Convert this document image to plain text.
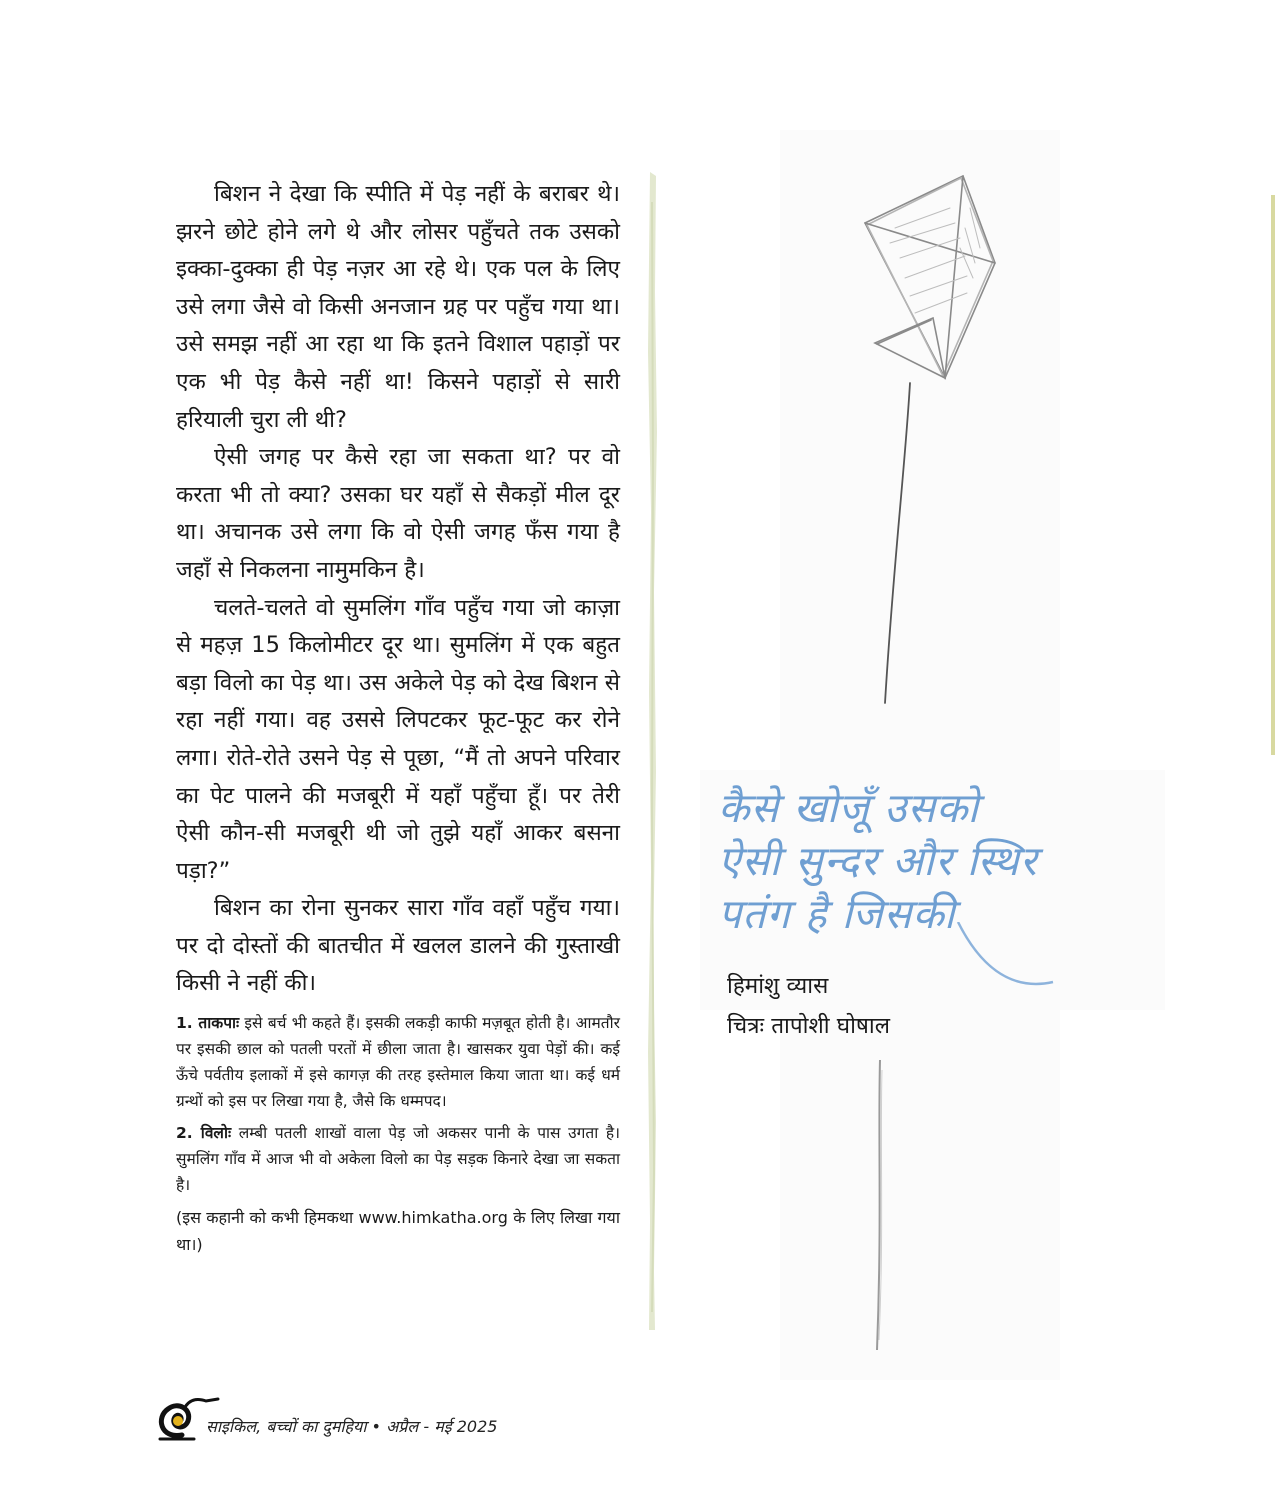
बिशन ने देखा कि स्पीति में पेड़ नहीं के बराबर थे। झरने छोटे होने लगे थे और लोसर पहुँचते तक उसको इक्का-दुक्का ही पेड़ नज़र आ रहे थे। एक पल के लिए उसे लगा जैसे वो किसी अनजान ग्रह पर पहुँच गया था। उसे समझ नहीं आ रहा था कि इतने विशाल पहाड़ों पर एक भी पेड़ कैसे नहीं था! किसने पहाड़ों से सारी हरियाली चुरा ली थी?

ऐसी जगह पर कैसे रहा जा सकता था? पर वो करता भी तो क्या? उसका घर यहाँ से सैकड़ों मील दूर था। अचानक उसे लगा कि वो ऐसी जगह फँस गया है जहाँ से निकलना नामुमकिन है।

चलते-चलते वो सुमलिंग गाँव पहुँच गया जो काज़ा से महज़ 15 किलोमीटर दूर था। सुमलिंग में एक बहुत बड़ा विलो का पेड़ था। उस अकेले पेड़ को देख बिशन से रहा नहीं गया। वह उससे लिपटकर फूट-फूट कर रोने लगा। रोते-रोते उसने पेड़ से पूछा, “मैं तो अपने परिवार का पेट पालने की मजबूरी में यहाँ पहुँचा हूँ। पर तेरी ऐसी कौन-सी मजबूरी थी जो तुझे यहाँ आकर बसना पड़ा?”

बिशन का रोना सुनकर सारा गाँव वहाँ पहुँच गया। पर दो दोस्तों की बातचीत में खलल डालने की गुस्ताखी किसी ने नहीं की।

1. ताकपाः इसे बर्च भी कहते हैं। इसकी लकड़ी काफी मज़बूत होती है। आमतौर पर इसकी छाल को पतली परतों में छीला जाता है। खासकर युवा पेड़ों की। कई ऊँचे पर्वतीय इलाकों में इसे कागज़ की तरह इस्तेमाल किया जाता था। कई धर्म ग्रन्थों को इस पर लिखा गया है, जैसे कि धम्मपद।

2. विलोः लम्बी पतली शाखों वाला पेड़ जो अकसर पानी के पास उगता है। सुमलिंग गाँव में आज भी वो अकेला विलो का पेड़ सड़क किनारे देखा जा सकता है।

(इस कहानी को कभी हिमकथा www.himkatha.org के लिए लिखा गया था।)

कैसे खोजूँ उसको
ऐसी सुन्दर और स्थिर
पतंग है जिसकी
हिमांशु व्यास
चित्रः तापोशी घोषाल
साइकिल, बच्चों का दुमहिया • अप्रैल - मई 2025
